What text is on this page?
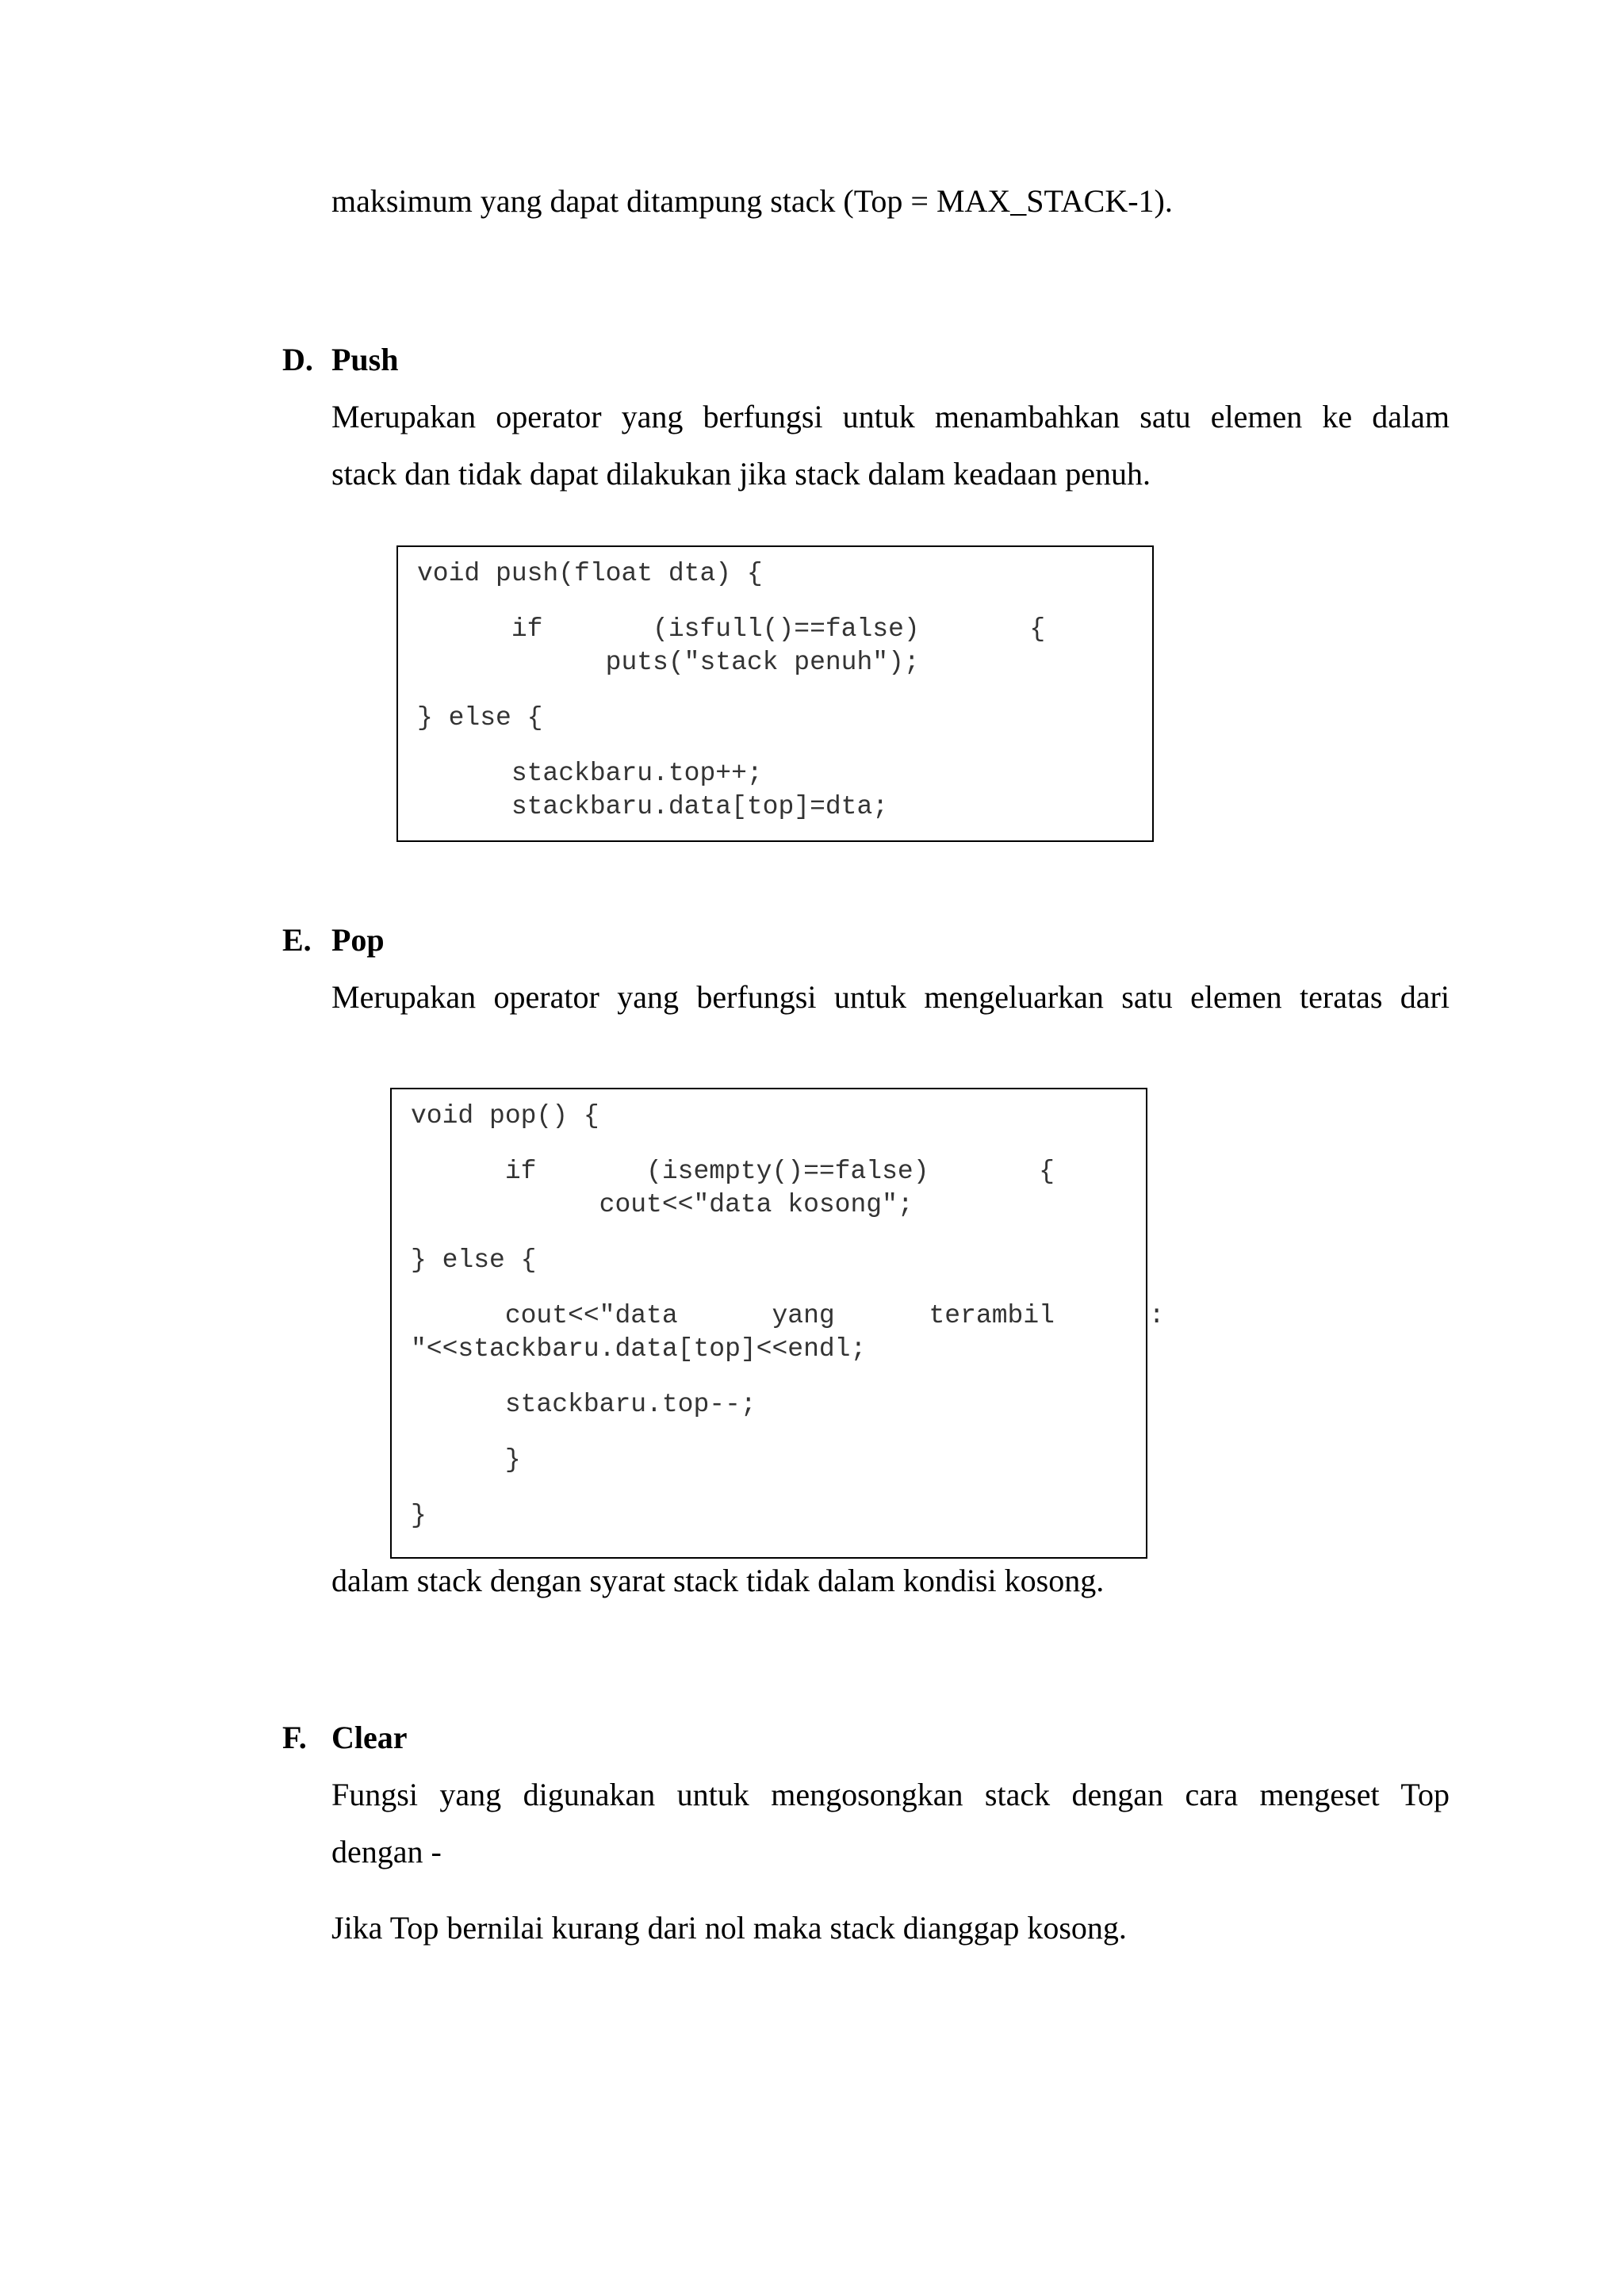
maksimum yang dapat ditampung stack (Top = MAX_STACK-1).
D. Push
Merupakan operator yang berfungsi untuk menambahkan satu elemen ke dalam
stack dan tidak dapat dilakukan jika stack dalam keadaan penuh.
void push(float dta) {
if       (isfull()==false)       {
puts("stack penuh");
} else {
stackbaru.top++;
stackbaru.data[top]=dta;
E. Pop
Merupakan operator yang berfungsi untuk mengeluarkan satu elemen teratas dari
void pop() {
if       (isempty()==false)       {
cout<<"data kosong";
} else {
cout<<"data      yang      terambil      :
"<<stackbaru.data[top]<<endl;
stackbaru.top--;
}
}
dalam stack dengan syarat stack tidak dalam kondisi kosong.
F. Clear
Fungsi yang digunakan untuk mengosongkan stack dengan cara mengeset Top
dengan -
Jika Top bernilai kurang dari nol maka stack dianggap kosong.
